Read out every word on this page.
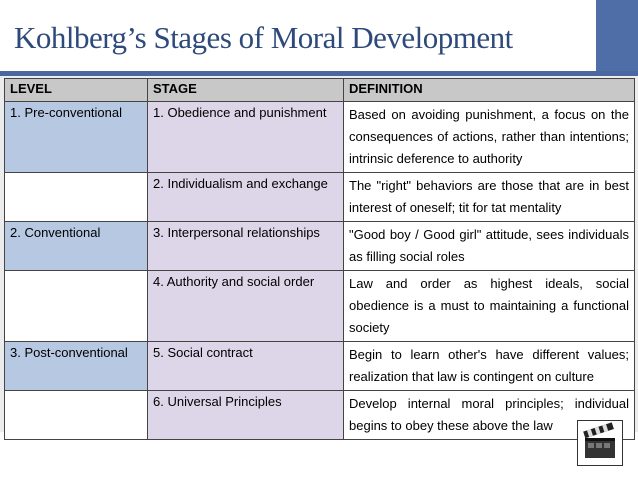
Kohlberg’s Stages of Moral Development
LEVEL	STAGE	DEFINITION
1. Pre-conventional	1. Obedience and punishment	Based on avoiding punishment, a focus on the consequences of actions, rather than intentions; intrinsic deference to authority
	2. Individualism and exchange	The "right" behaviors are those that are in best interest of oneself; tit for tat mentality
2. Conventional	3. Interpersonal relationships	"Good boy / Good girl" attitude, sees individuals as filling social roles
	4. Authority and social order	Law and order as highest ideals, social obedience is a must to maintaining a functional society
3. Post-conventional	5. Social contract	Begin to learn other's have different values; realization that law is contingent on culture
	6. Universal Principles	Develop internal moral principles; individual begins to obey these above the law
